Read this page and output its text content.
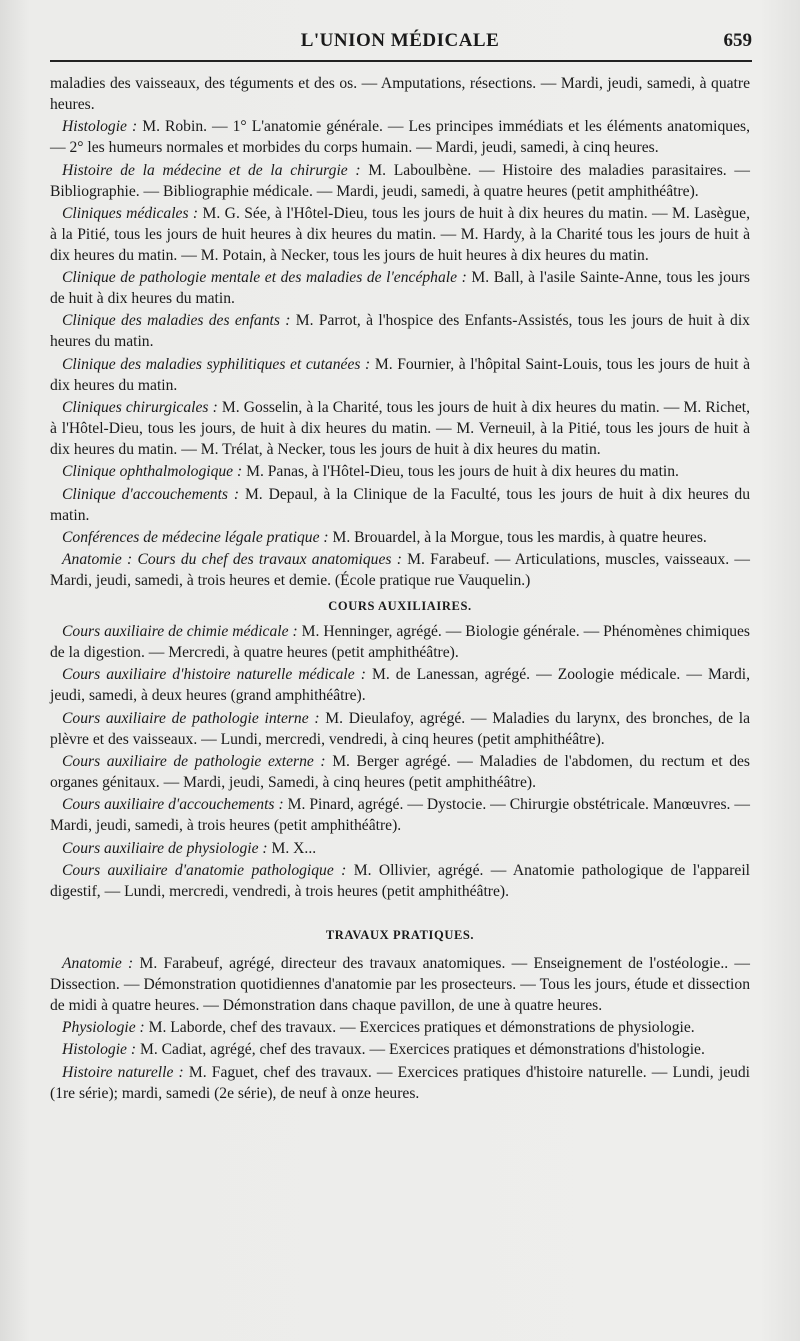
L'UNION MÉDICALE	659

maladies des vaisseaux, des téguments et des os. — Amputations, résections. — Mardi, jeudi, samedi, à quatre heures.

Histologie : M. Robin. — 1° L'anatomie générale. — Les principes immédiats et les éléments anatomiques, — 2° les humeurs normales et morbides du corps humain. — Mardi, jeudi, samedi, à cinq heures.

Histoire de la médecine et de la chirurgie : M. Laboulbène. — Histoire des maladies parasitaires. — Bibliographie. — Bibliographie médicale. — Mardi, jeudi, samedi, à quatre heures (petit amphithéâtre).

Cliniques médicales : M. G. Sée, à l'Hôtel-Dieu, tous les jours de huit à dix heures du matin. — M. Lasègue, à la Pitié, tous les jours de huit heures à dix heures du matin. — M. Hardy, à la Charité tous les jours de huit à dix heures du matin. — M. Potain, à Necker, tous les jours de huit heures à dix heures du matin.

Clinique de pathologie mentale et des maladies de l'encéphale : M. Ball, à l'asile Sainte-Anne, tous les jours de huit à dix heures du matin.

Clinique des maladies des enfants : M. Parrot, à l'hospice des Enfants-Assistés, tous les jours de huit à dix heures du matin.

Clinique des maladies syphilitiques et cutanées : M. Fournier, à l'hôpital Saint-Louis, tous les jours de huit à dix heures du matin.

Cliniques chirurgicales : M. Gosselin, à la Charité, tous les jours de huit à dix heures du matin. — M. Richet, à l'Hôtel-Dieu, tous les jours, de huit à dix heures du matin. — M. Verneuil, à la Pitié, tous les jours de huit à dix heures du matin. — M. Trélat, à Necker, tous les jours de huit à dix heures du matin.

Clinique ophthalmologique : M. Panas, à l'Hôtel-Dieu, tous les jours de huit à dix heures du matin.

Clinique d'accouchements : M. Depaul, à la Clinique de la Faculté, tous les jours de huit à dix heures du matin.

Conférences de médecine légale pratique : M. Brouardel, à la Morgue, tous les mardis, à quatre heures.

Anatomie : Cours du chef des travaux anatomiques : M. Farabeuf. — Articulations, muscles, vaisseaux. — Mardi, jeudi, samedi, à trois heures et demie. (École pratique rue Vauquelin.)

COURS AUXILIAIRES.

Cours auxiliaire de chimie médicale : M. Henninger, agrégé. — Biologie générale. — Phénomènes chimiques de la digestion. — Mercredi, à quatre heures (petit amphithéâtre).

Cours auxiliaire d'histoire naturelle médicale : M. de Lanessan, agrégé. — Zoologie médicale. — Mardi, jeudi, samedi, à deux heures (grand amphithéâtre).

Cours auxiliaire de pathologie interne : M. Dieulafoy, agrégé. — Maladies du larynx, des bronches, de la plèvre et des vaisseaux. — Lundi, mercredi, vendredi, à cinq heures (petit amphithéâtre).

Cours auxiliaire de pathologie externe : M. Berger agrégé. — Maladies de l'abdomen, du rectum et des organes génitaux. — Mardi, jeudi, Samedi, à cinq heures (petit amphithéâtre).

Cours auxiliaire d'accouchements : M. Pinard, agrégé. — Dystocie. — Chirurgie obstétricale. Manœuvres. — Mardi, jeudi, samedi, à trois heures (petit amphithéâtre).

Cours auxiliaire de physiologie : M. X...

Cours auxiliaire d'anatomie pathologique : M. Ollivier, agrégé. — Anatomie pathologique de l'appareil digestif, — Lundi, mercredi, vendredi, à trois heures (petit amphithéâtre).

TRAVAUX PRATIQUES.

Anatomie : M. Farabeuf, agrégé, directeur des travaux anatomiques. — Enseignement de l'ostéologie.. — Dissection. — Démonstration quotidiennes d'anatomie par les prosecteurs. — Tous les jours, étude et dissection de midi à quatre heures. — Démonstration dans chaque pavillon, de une à quatre heures.

Physiologie : M. Laborde, chef des travaux. — Exercices pratiques et démonstrations de physiologie.

Histologie : M. Cadiat, agrégé, chef des travaux. — Exercices pratiques et démonstrations d'histologie.

Histoire naturelle : M. Faguet, chef des travaux. — Exercices pratiques d'histoire naturelle. — Lundi, jeudi (1re série); mardi, samedi (2e série), de neuf à onze heures.
